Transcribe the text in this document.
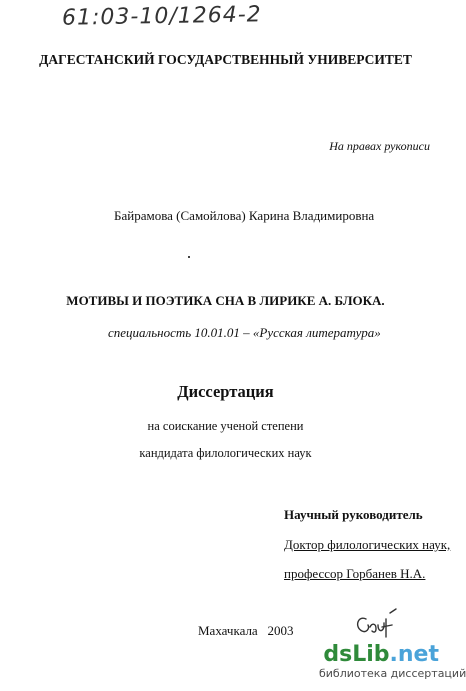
61:03-10/1264-2
ДАГЕСТАНСКИЙ ГОСУДАРСТВЕННЫЙ УНИВЕРСИТЕТ
На правах рукописи
Байрамова (Самойлова) Карина Владимировна
МОТИВЫ И ПОЭТИКА СНА В ЛИРИКЕ А. БЛОКА.
специальность 10.01.01 – «Русская литература»
Диссертация
на соискание ученой степени
кандидата филологических наук
Научный руководитель
Доктор филологических наук,
профессор Горбанев Н.А.
Махачкала   2003
dsLib.net
библиотека диссертаций
